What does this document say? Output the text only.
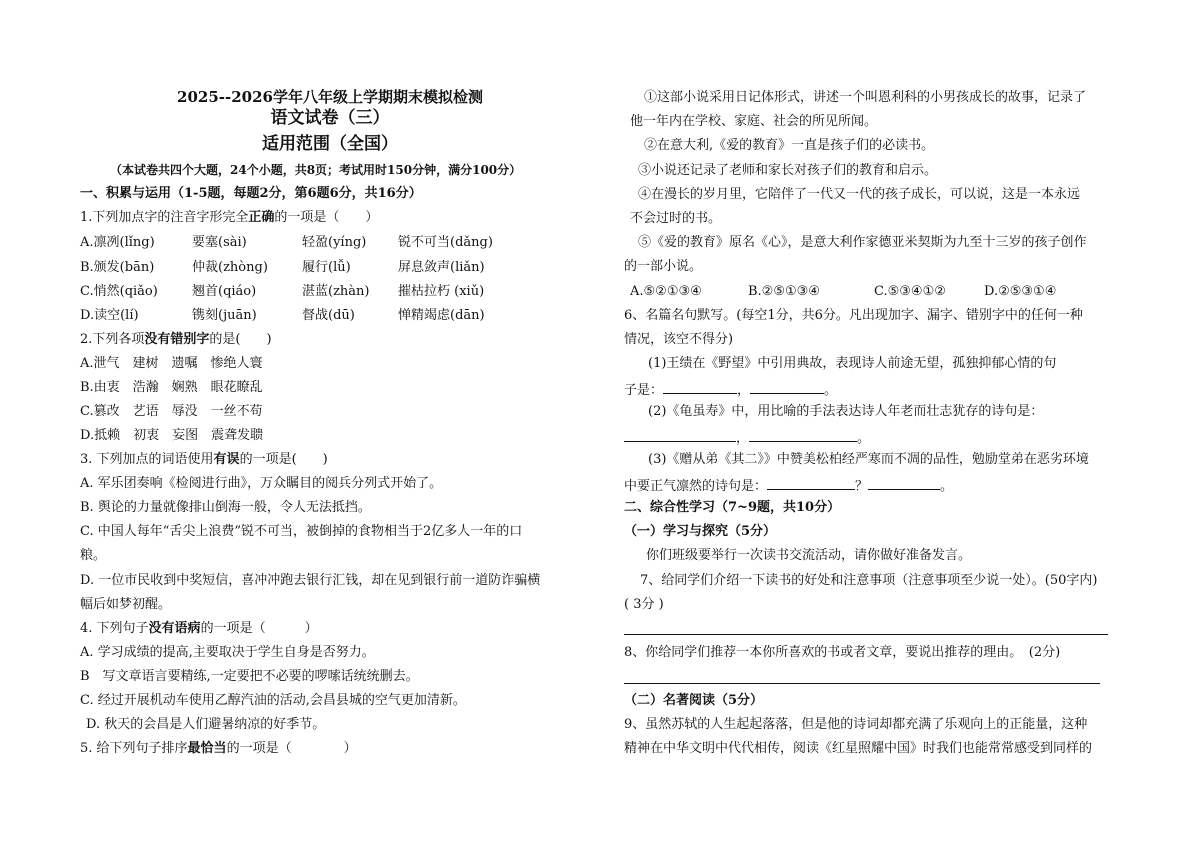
2025--2026学年八年级上学期期末模拟检测
语文试卷（三）
适用范围（全国）
（本试卷共四个大题，24个小题，共8页；考试用时150分钟，满分100分）
一、积累与运用（1-5题，每题2分，第6题6分，共16分）
1.下列加点字的注音字形完全正确的一项是（　　）
A.凛冽(lǐng)	要塞(sài)	轻盈(yíng) 锐不可当(dǎng)
B.颁发(bān)	仲裁(zhòng)	履行(lǚ)	屏息敛声(liǎn)
C.悄然(qiǎo)	翘首(qiáo)	湛蓝(zhàn) 摧枯拉朽 (xiǔ)
D.读空(lí)	镌刻(juān)	督战(dū)	惮精竭虑(dān)
2.下列各项没有错别字的是(　　)
A.泄气　建树　遗嘱　惨绝人寰
B.由衷　浩瀚　娴熟　眼花瞭乱
C.篡改　艺语　辱没　一丝不苟
D.抵赖　初衷　妄图　震聋发聩
3. 下列加点的词语使用有误的一项是(　　)
A. 军乐团奏响《检阅进行曲》，万众瞩目的阅兵分列式开始了。
B. 舆论的力量就像排山倒海一般，令人无法抵挡。
C. 中国人每年“舌尖上浪费”锐不可当，被倒掉的食物相当于2亿多人一年的口
粮。
D. 一位市民收到中奖短信，喜冲冲跑去银行汇钱，却在见到银行前一道防诈骗横
幅后如梦初醒。
4. 下列句子没有语病的一项是（　　　）
A. 学习成绩的提高,主要取决于学生自身是否努力。
B　写文章语言要精练,一定要把不必要的啰嗦话统统删去。
C. 经过开展机动车使用乙醇汽油的活动,会昌县城的空气更加清新。
D. 秋天的会昌是人们避暑纳凉的好季节。
5. 给下列句子排序最恰当的一项是（　　　　）
①这部小说采用日记体形式，讲述一个叫恩利科的小男孩成长的故事，记录了
他一年内在学校、家庭、社会的所见所闻。
②在意大利,《爱的教育》一直是孩子们的必读书。
③小说还记录了老师和家长对孩子们的教育和启示。
④在漫长的岁月里，它陪伴了一代又一代的孩子成长，可以说，这是一本永远
不会过时的书。
⑤《爱的教育》原名《心》，是意大利作家德亚米契斯为九至十三岁的孩子创作
的一部小说。
A.⑤②①③④	B.②⑤①③④	C.⑤③④①②	D.②⑤③①④
6、名篇名句默写。(每空1分，共6分。凡出现加字、漏字、错别字中的任何一种
情况，该空不得分)
(1)王绩在《野望》中引用典故，表现诗人前途无望，孤独抑郁心情的句
子是：	，	。
(2)《龟虽寿》中，用比喻的手法表达诗人年老而壮志犹存的诗句是：
，	。
(3)《赠从弟《其二》》中赞美松柏经严寒而不凋的品性，勉励堂弟在恶劣环境
中要正气凛然的诗句是：	？	。
二、综合性学习（7~9题，共10分）
（一）学习与探究（5分）
你们班级要举行一次读书交流活动，请你做好准备发言。
7、给同学们介绍一下读书的好处和注意事项（注意事项至少说一处）。(50字内)
( 3分 )
8、你给同学们推荐一本你所喜欢的书或者文章，要说出推荐的理由。　(2分)
（二）名著阅读（5分）
9、虽然苏轼的人生起起落落，但是他的诗词却都充满了乐观向上的正能量，这种
精神在中华文明中代代相传，阅读《红星照耀中国》时我们也能常常感受到同样的
